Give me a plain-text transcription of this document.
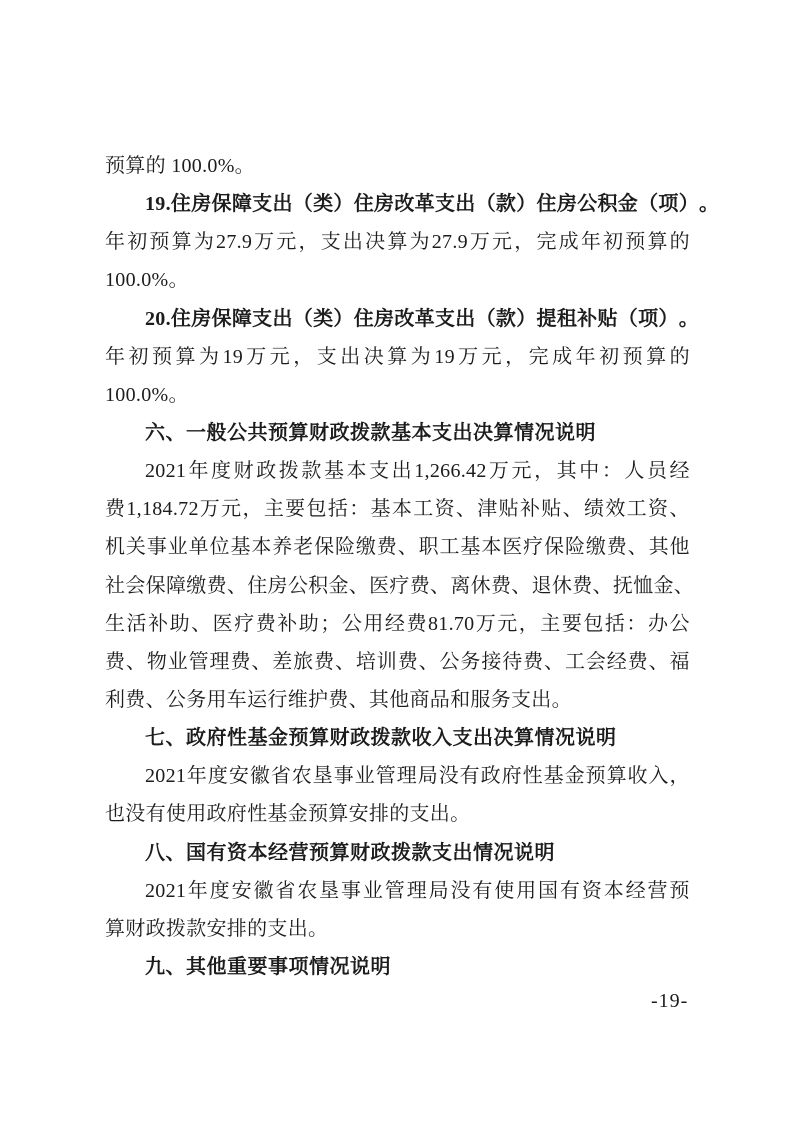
预算的 100.0%。
19. 住 房 保 障 支 出 （ 类 ） 住 房 改 革 支 出 （ 款 ） 住 房 公 积 金 （ 项 ） 。
年 初 预 算 为 27.9 万 元 ， 支 出 决 算 为 27.9 万 元 ， 完 成 年 初 预 算 的
100.0%。
20. 住 房 保 障 支 出 （ 类 ） 住 房 改 革 支 出 （ 款 ） 提 租 补 贴 （ 项 ） 。
年 初 预 算 为 19 万 元 ， 支 出 决 算 为 19 万 元 ， 完 成 年 初 预 算 的
100.0%。
六、一般公共预算财政拨款基本支出决算情况说明
2021 年 度 财 政 拨 款 基 本 支 出 1,266.42 万 元 ， 其 中 ： 人 员 经
费 1,184.72 万 元 ， 主 要 包 括 ： 基 本 工 资 、 津 贴 补 贴 、 绩 效 工 资 、
机 关 事 业 单 位 基 本 养 老 保 险 缴 费 、 职 工 基 本 医 疗 保 险 缴 费 、 其 他
社 会 保 障 缴 费 、 住 房 公 积 金 、 医 疗 费 、 离 休 费 、 退 休 费 、 抚 恤 金 、
生 活 补 助 、 医 疗 费 补 助 ； 公 用 经 费 81.70 万 元 ， 主 要 包 括 ： 办 公
费 、 物 业 管 理 费 、 差 旅 费 、 培 训 费 、 公 务 接 待 费 、 工 会 经 费 、 福
利费、公务用车运行维护费、其他商品和服务支出。
七、政府性基金预算财政拨款收入支出决算情况说明
2021 年 度 安 徽 省 农 垦 事 业 管 理 局 没 有 政 府 性 基 金 预 算 收 入 ，
也没有使用政府性基金预算安排的支出。
八、国有资本经营预算财政拨款支出情况说明
2021 年 度 安 徽 省 农 垦 事 业 管 理 局 没 有 使 用 国 有 资 本 经 营 预
算财政拨款安排的支出。
九、其他重要事项情况说明
-19-
